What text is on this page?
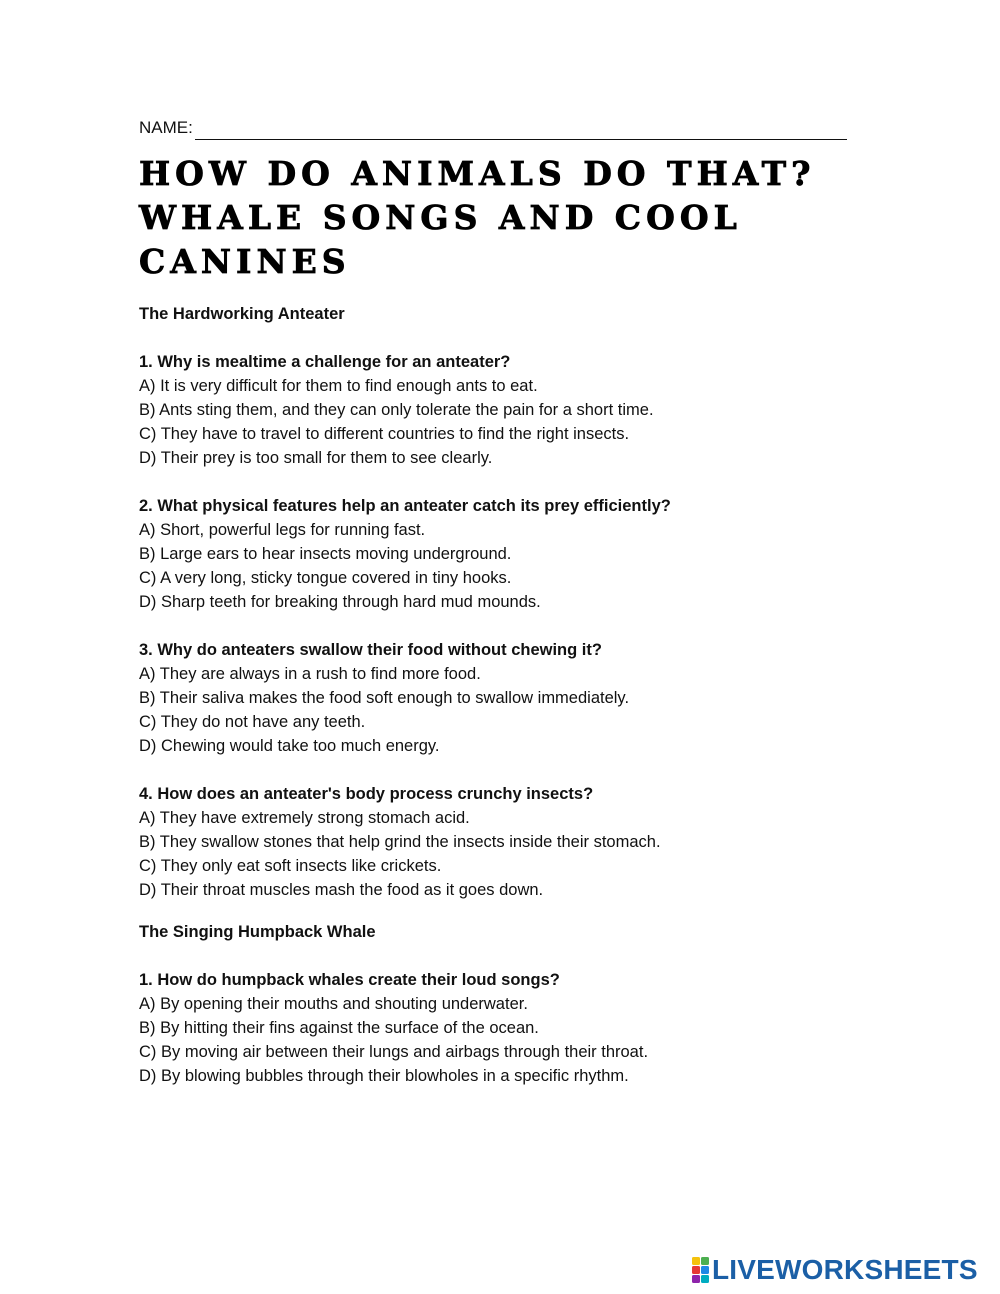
NAME:
HOW DO ANIMALS DO THAT? WHALE SONGS AND COOL CANINES
The Hardworking Anteater
1. Why is mealtime a challenge for an anteater?
A) It is very difficult for them to find enough ants to eat.
B) Ants sting them, and they can only tolerate the pain for a short time.
C) They have to travel to different countries to find the right insects.
D) Their prey is too small for them to see clearly.
2. What physical features help an anteater catch its prey efficiently?
A) Short, powerful legs for running fast.
B) Large ears to hear insects moving underground.
C) A very long, sticky tongue covered in tiny hooks.
D) Sharp teeth for breaking through hard mud mounds.
3. Why do anteaters swallow their food without chewing it?
A) They are always in a rush to find more food.
B) Their saliva makes the food soft enough to swallow immediately.
C) They do not have any teeth.
D) Chewing would take too much energy.
4. How does an anteater's body process crunchy insects?
A) They have extremely strong stomach acid.
B) They swallow stones that help grind the insects inside their stomach.
C) They only eat soft insects like crickets.
D) Their throat muscles mash the food as it goes down.
The Singing Humpback Whale
1. How do humpback whales create their loud songs?
A) By opening their mouths and shouting underwater.
B) By hitting their fins against the surface of the ocean.
C) By moving air between their lungs and airbags through their throat.
D) By blowing bubbles through their blowholes in a specific rhythm.
LIVEWORKSHEETS
